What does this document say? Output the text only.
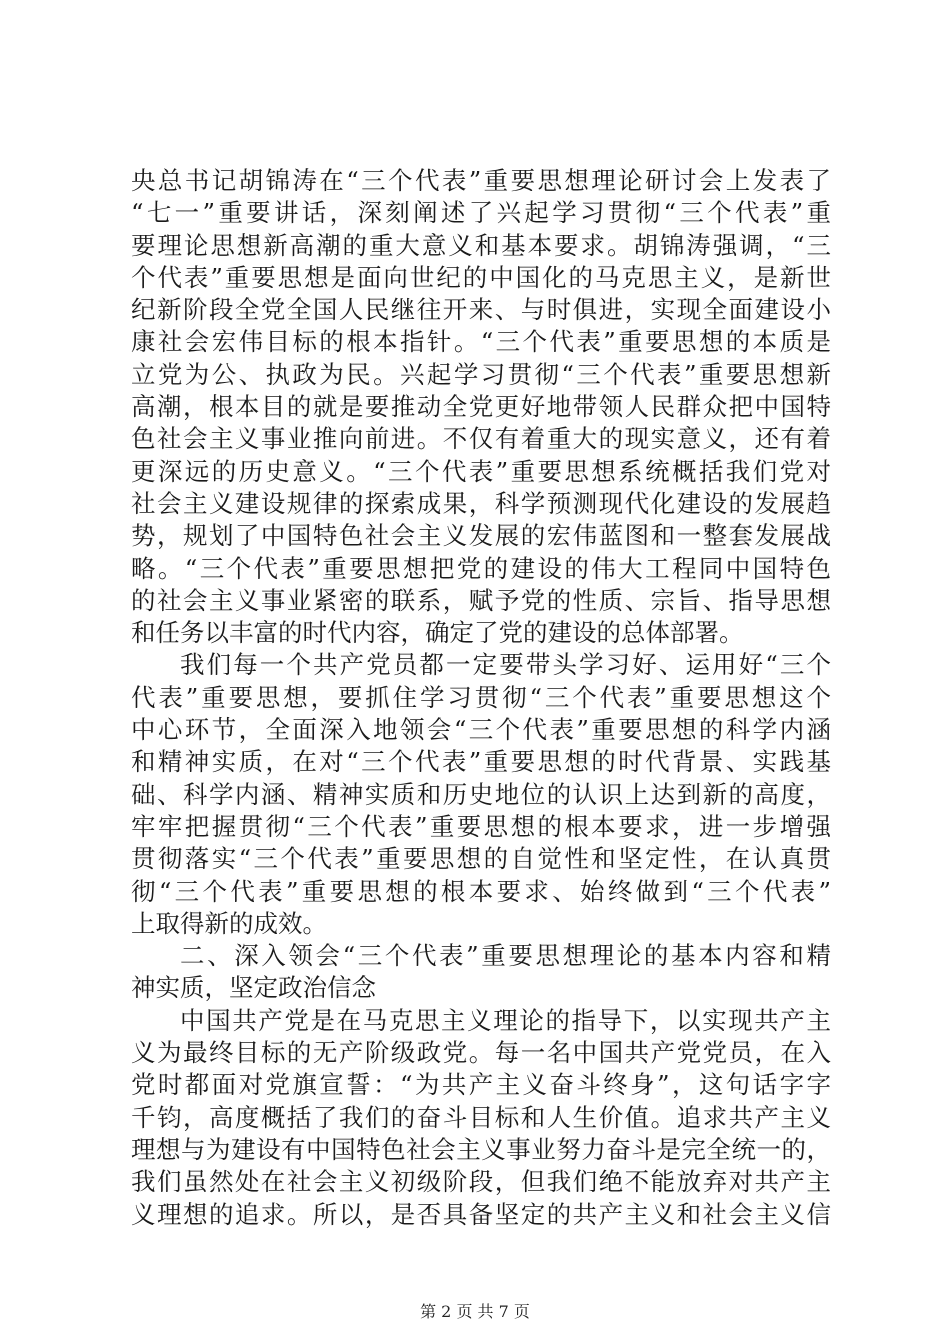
央总书记胡锦涛在“三个代表”重要思想理论研讨会上发表了
“七一”重要讲话，深刻阐述了兴起学习贯彻“三个代表”重
要理论思想新高潮的重大意义和基本要求。胡锦涛强调，“三
个代表”重要思想是面向世纪的中国化的马克思主义，是新世
纪新阶段全党全国人民继往开来、与时俱进，实现全面建设小
康社会宏伟目标的根本指针。“三个代表”重要思想的本质是
立党为公、执政为民。兴起学习贯彻“三个代表”重要思想新
高潮，根本目的就是要推动全党更好地带领人民群众把中国特
色社会主义事业推向前进。不仅有着重大的现实意义，还有着
更深远的历史意义。“三个代表”重要思想系统概括我们党对
社会主义建设规律的探索成果，科学预测现代化建设的发展趋
势，规划了中国特色社会主义发展的宏伟蓝图和一整套发展战
略。“三个代表”重要思想把党的建设的伟大工程同中国特色
的社会主义事业紧密的联系，赋予党的性质、宗旨、指导思想
和任务以丰富的时代内容，确定了党的建设的总体部署。
我们每一个共产党员都一定要带头学习好、运用好“三个
代表”重要思想，要抓住学习贯彻“三个代表”重要思想这个
中心环节，全面深入地领会“三个代表”重要思想的科学内涵
和精神实质，在对“三个代表”重要思想的时代背景、实践基
础、科学内涵、精神实质和历史地位的认识上达到新的高度，
牢牢把握贯彻“三个代表”重要思想的根本要求，进一步增强
贯彻落实“三个代表”重要思想的自觉性和坚定性，在认真贯
彻“三个代表”重要思想的根本要求、始终做到“三个代表”
上取得新的成效。
二、深入领会“三个代表”重要思想理论的基本内容和精
神实质，坚定政治信念
中国共产党是在马克思主义理论的指导下，以实现共产主
义为最终目标的无产阶级政党。每一名中国共产党党员，在入
党时都面对党旗宣誓：“为共产主义奋斗终身”，这句话字字
千钧，高度概括了我们的奋斗目标和人生价值。追求共产主义
理想与为建设有中国特色社会主义事业努力奋斗是完全统一的，
我们虽然处在社会主义初级阶段，但我们绝不能放弃对共产主
义理想的追求。所以，是否具备坚定的共产主义和社会主义信
第 2 页 共 7 页
